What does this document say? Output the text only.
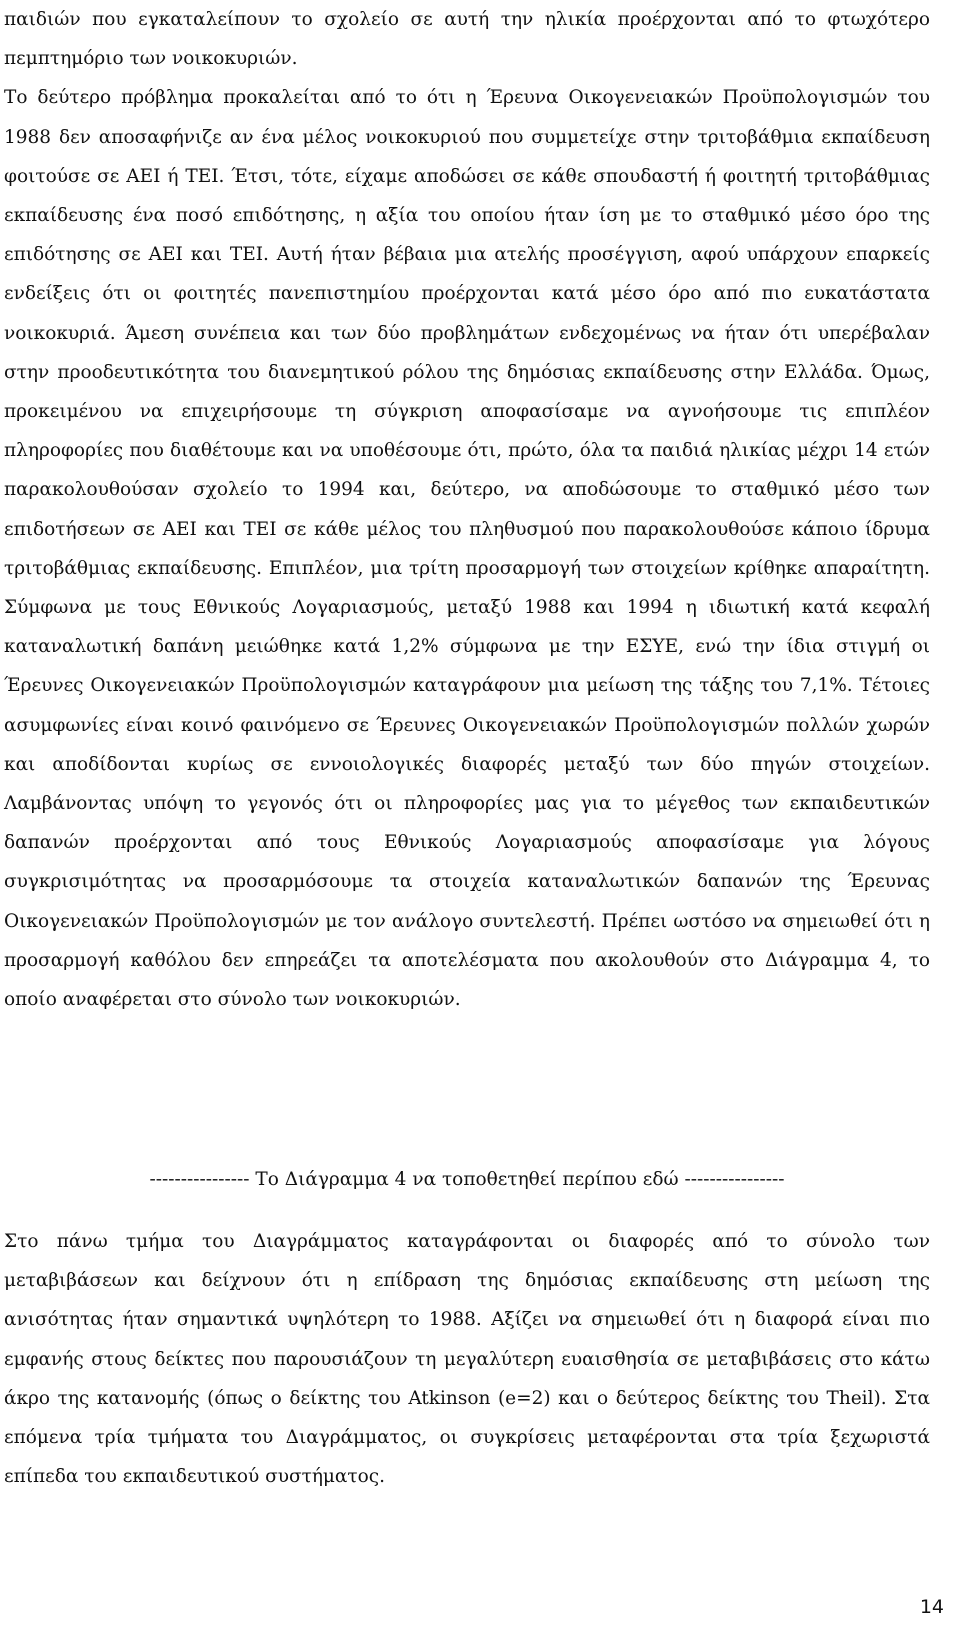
παιδιών που εγκαταλείπουν το σχολείο σε αυτή την ηλικία προέρχονται από το φτωχότερο πεμπτημόριο των νοικοκυριών.

Το δεύτερο πρόβλημα προκαλείται από το ότι η Έρευνα Οικογενειακών Προϋπολογισμών του 1988 δεν αποσαφήνιζε αν ένα μέλος νοικοκυριού που συμμετείχε στην τριτοβάθμια εκπαίδευση φοιτούσε σε ΑΕΙ ή ΤΕΙ. Έτσι, τότε, είχαμε αποδώσει σε κάθε σπουδαστή ή φοιτητή τριτοβάθμιας εκπαίδευσης ένα ποσό επιδότησης, η αξία του οποίου ήταν ίση με το σταθμικό μέσο όρο της επιδότησης σε ΑΕΙ και ΤΕΙ. Αυτή ήταν βέβαια μια ατελής προσέγγιση, αφού υπάρχουν επαρκείς ενδείξεις ότι οι φοιτητές πανεπιστημίου προέρχονται κατά μέσο όρο από πιο ευκατάστατα νοικοκυριά. Άμεση συνέπεια και των δύο προβλημάτων ενδεχομένως να ήταν ότι υπερέβαλαν στην προοδευτικότητα του διανεμητικού ρόλου της δημόσιας εκπαίδευσης στην Ελλάδα. Όμως, προκειμένου να επιχειρήσουμε τη σύγκριση αποφασίσαμε να αγνοήσουμε τις επιπλέον πληροφορίες που διαθέτουμε και να υποθέσουμε ότι, πρώτο, όλα τα παιδιά ηλικίας μέχρι 14 ετών παρακολουθούσαν σχολείο το 1994 και, δεύτερο, να αποδώσουμε το σταθμικό μέσο των επιδοτήσεων σε ΑΕΙ και ΤΕΙ σε κάθε μέλος του πληθυσμού που παρακολουθούσε κάποιο ίδρυμα τριτοβάθμιας εκπαίδευσης. Επιπλέον, μια τρίτη προσαρμογή των στοιχείων κρίθηκε απαραίτητη. Σύμφωνα με τους Εθνικούς Λογαριασμούς, μεταξύ 1988 και 1994 η ιδιωτική κατά κεφαλή καταναλωτική δαπάνη μειώθηκε κατά 1,2% σύμφωνα με την ΕΣΥΕ, ενώ την ίδια στιγμή οι Έρευνες Οικογενειακών Προϋπολογισμών καταγράφουν μια μείωση της τάξης του 7,1%. Τέτοιες ασυμφωνίες είναι κοινό φαινόμενο σε Έρευνες Οικογενειακών Προϋπολογισμών πολλών χωρών και αποδίδονται κυρίως σε εννοιολογικές διαφορές μεταξύ των δύο πηγών στοιχείων. Λαμβάνοντας υπόψη το γεγονός ότι οι πληροφορίες μας για το μέγεθος των εκπαιδευτικών δαπανών προέρχονται από τους Εθνικούς Λογαριασμούς αποφασίσαμε για λόγους συγκρισιμότητας να προσαρμόσουμε τα στοιχεία καταναλωτικών δαπανών της Έρευνας Οικογενειακών Προϋπολογισμών με τον ανάλογο συντελεστή. Πρέπει ωστόσο να σημειωθεί ότι η προσαρμογή καθόλου δεν επηρεάζει τα αποτελέσματα που ακολουθούν στο Διάγραμμα 4, το οποίο αναφέρεται στο σύνολο των νοικοκυριών.

---------------- Το Διάγραμμα 4 να τοποθετηθεί περίπου εδώ ----------------

Στο πάνω τμήμα του Διαγράμματος καταγράφονται οι διαφορές από το σύνολο των μεταβιβάσεων και δείχνουν ότι η επίδραση της δημόσιας εκπαίδευσης στη μείωση της ανισότητας ήταν σημαντικά υψηλότερη το 1988. Αξίζει να σημειωθεί ότι η διαφορά είναι πιο εμφανής στους δείκτες που παρουσιάζουν τη μεγαλύτερη ευαισθησία σε μεταβιβάσεις στο κάτω άκρο της κατανομής (όπως ο δείκτης του Atkinson (e=2) και ο δεύτερος δείκτης του Theil). Στα επόμενα τρία τμήματα του Διαγράμματος, οι συγκρίσεις μεταφέρονται στα τρία ξεχωριστά επίπεδα του εκπαιδευτικού συστήματος.

14
